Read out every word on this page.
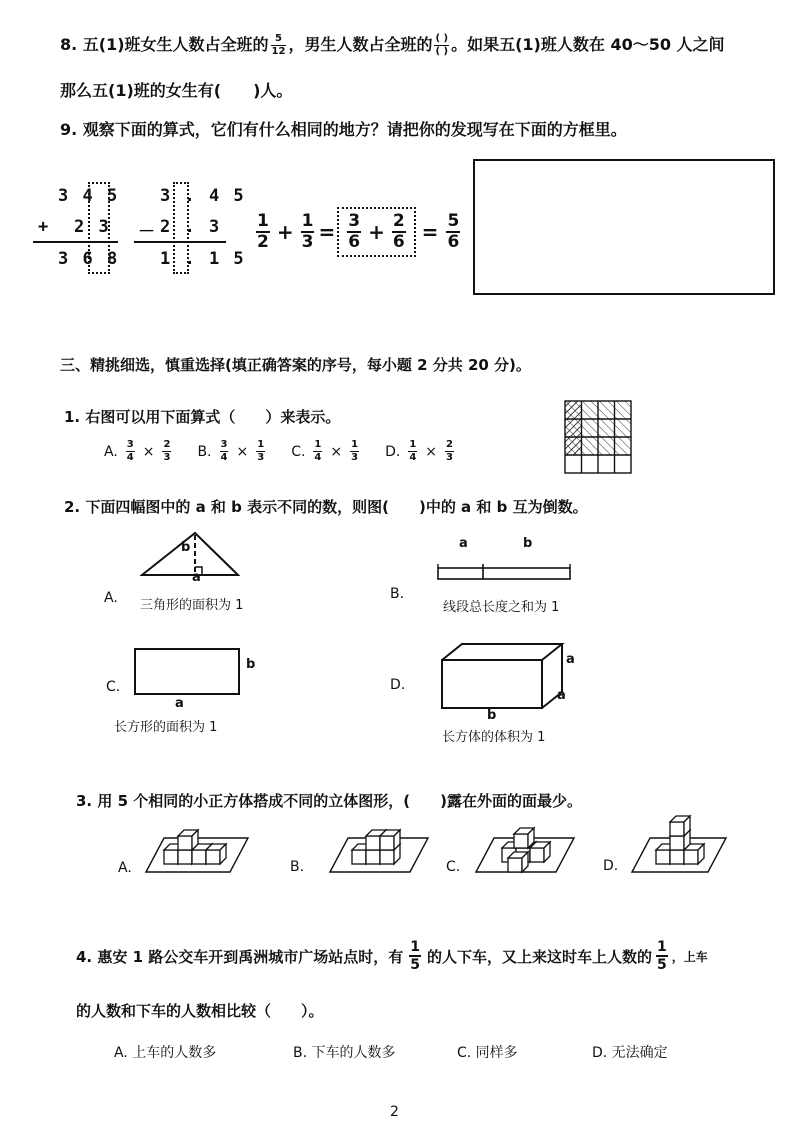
8. 五(1)班女生人数占全班的 $\frac{5}{12}$ ，男生人数占全班的 $\frac{( )}{( )}$ 。如果五(1)班人数在 40～50 人之间
那么五(1)班的女生有(　　)人。
9. 观察下面的算式，它们有什么相同的地方？请把你的发现写在下面的方框里。
3 4 5
+ 2 3
3 6 8
3 . 4 5
－ 2 . 3
1 . 1 5
$\frac{1}{2} + \frac{1}{3} = \frac{3}{6} + \frac{2}{6} = \frac{5}{6}$
三、精挑细选，慎重选择(填正确答案的序号，每小题 2 分共 20 分)。
1. 右图可以用下面算式（　　）来表示。
A. $\frac{3}{4} \times \frac{2}{3} B$. $\frac{3}{4} \times \frac{1}{3} C$. $\frac{1}{4} \times \frac{1}{3} D$. $\frac{1}{4} \times \frac{2}{3}$
2. 下面四幅图中的 a 和 b 表示不同的数，则图(　　)中的 a 和 b 互为倒数。
b
a
A. 三角形的面积为 1
a	b
B.
线段总长度之和为 1
b
a
C.
长方形的面积为 1
a
a
b
D.
长方体的体积为 1
3. 用 5 个相同的小正方体搭成不同的立体图形，(　　)露在外面的面最少。
A.	B.	C.	D.
4. 惠安 1 路公交车开到禹洲城市广场站点时，有 $\frac{1}{5}$ 的人下车，又上来这时车上人数的 $\frac{1}{5}$ ，上车
的人数和下车的人数相比较（　　）。
A. 上车的人数多	B. 下车的人数多	C. 同样多	D. 无法确定
2
